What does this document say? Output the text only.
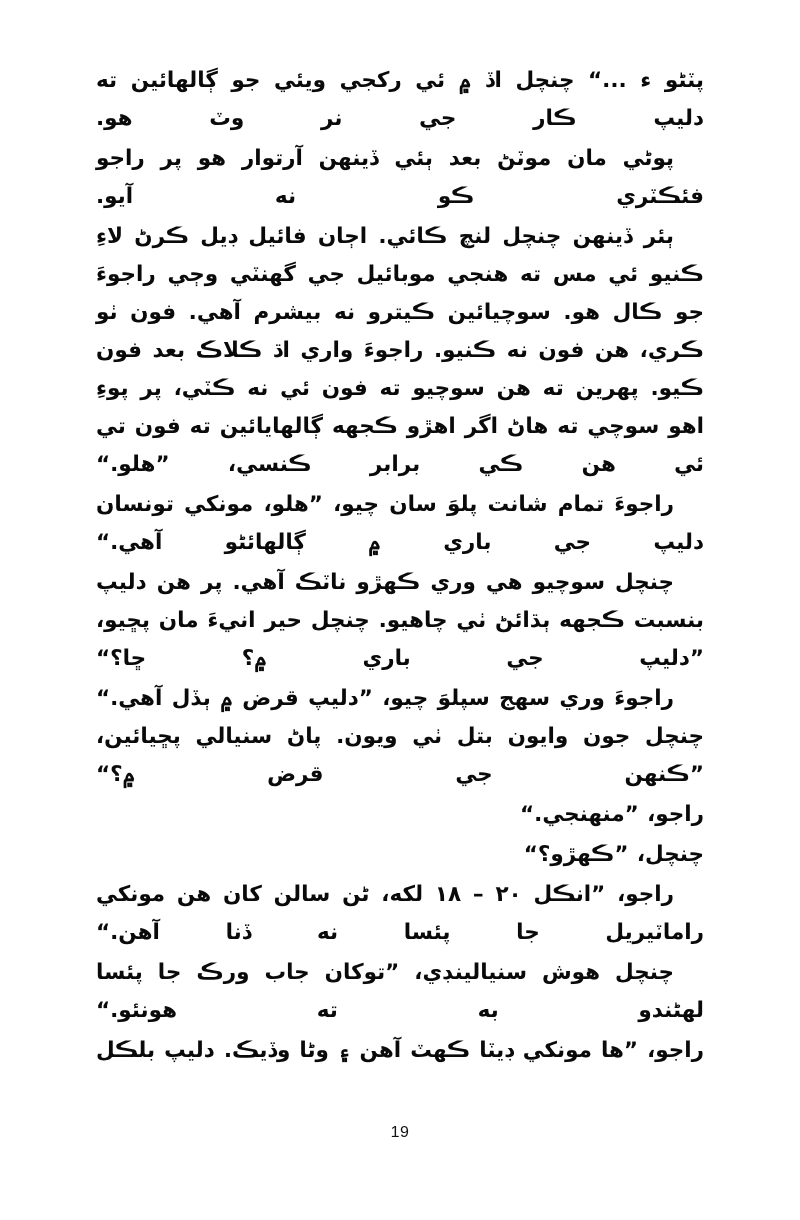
پٽڻو ء ...“ چنچل اڏ ۾ ئي رکجي ويئي جو ڳالهائين ته دليپ ڪار جي نر وٽ هو.

پوڻي مان موٽڻ بعد ٻئي ڏينهن آرتوار هو پر راجو فئڪٽري ڪو نه آيو.

ٻئر ڏينهن چنچل لنچ ڪائي. اڄان فائيل ڊيل ڪرڻ لاءِ ڪنيو ئي مس ته هنجي موبائيل جي گهنٽي وڄي راجوءَ جو ڪال هو. سوچيائين ڪيترو نه بيشرم آهي. فون ٺو ڪري، هن فون نه ڪنيو. راجوءَ واري اڌ ڪلاڪ بعد فون ڪيو. پهرين ته هن سوچيو ته فون ئي نه ڪٽي، پر پوءِ اهو سوچي ته هاڻ اگر اهڙو ڪجهه ڳالهايائين ته فون تي ئي هن ڪي برابر ڪنسي، ”هلو.“

راجوءَ تمام شانت پلوَ سان چيو، ”هلو، مونکي تونسان دليپ جي باري ۾ ڳالهائڻو آهي.“

چنچل سوچيو هي وري ڪهڙو ناٽڪ آهي. پر هن دليپ بنسبت ڪجهه ٻڌائڻ ٺي چاهيو. چنچل حير انيءَ مان پڇيو، ”دليپ جي باري ۾؟ ڇا؟“

راجوءَ وري سهج سپلوَ چيو، ”دليپ قرض ۾ ٻڏل آهي.“ چنچل جون وايون بتل ٺي ويون. پاڻ سنيالي پڇيائين، ”ڪنهن جي قرض ۾؟“

راجو، ”منهنجي.“

چنچل، ”ڪهڙو؟“

راجو، ”انڪل ٢٠ – ١٨ لکه، ٹن سالن کان هن مونکي راماٽيريل جا پئسا نه ڏنا آهن.“

چنچل هوش سنيالينڊي، ”توکان جاب ورڪ جا پئسا لهٹندو به ته هونئو.“

راجو، ”ها مونکي ڊيٽا ڪهٽ آهن ۽ وٹا وڏيڪ. دليپ بلڪل

19
